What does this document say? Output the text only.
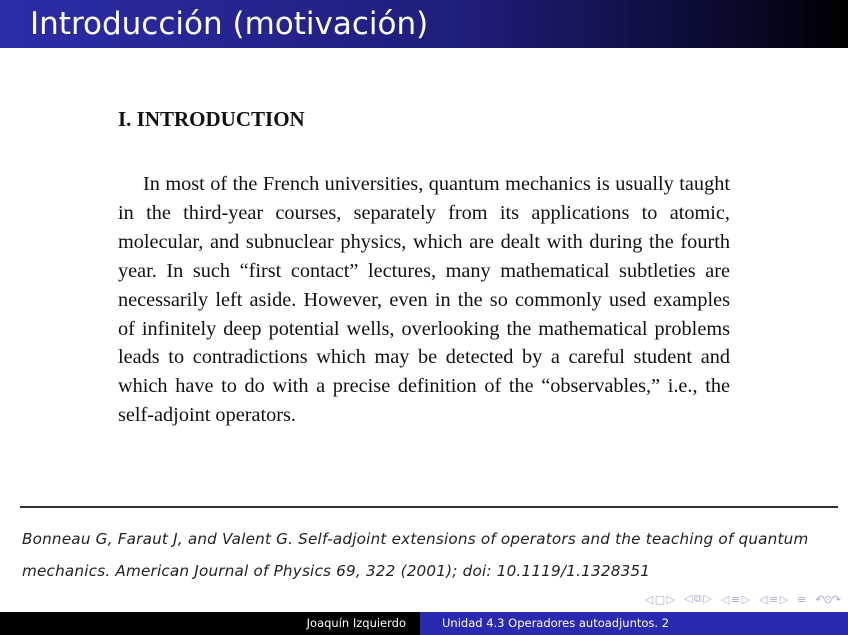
Introducción (motivación)

I. INTRODUCTION

In most of the French universities, quantum mechanics is usually taught in the third-year courses, separately from its applications to atomic, molecular, and subnuclear physics, which are dealt with during the fourth year. In such “first contact” lectures, many mathematical subtleties are necessarily left aside. However, even in the so commonly used examples of infinitely deep potential wells, overlooking the mathematical problems leads to contradictions which may be detected by a careful student and which have to do with a precise definition of the “observables,” i.e., the self-adjoint operators.

Bonneau G, Faraut J, and Valent G. Self-adjoint extensions of operators and the teaching of quantum mechanics. American Journal of Physics 69, 322 (2001); doi: 10.1119/1.1328351
◁ □ ▷ ◁ ⧉ ▷ ◁ ≡ ▷ ◁ ≡ ▷ ≡ ↶⊙↷
Joaquín Izquierdo	Unidad 4.3 Operadores autoadjuntos. 2
